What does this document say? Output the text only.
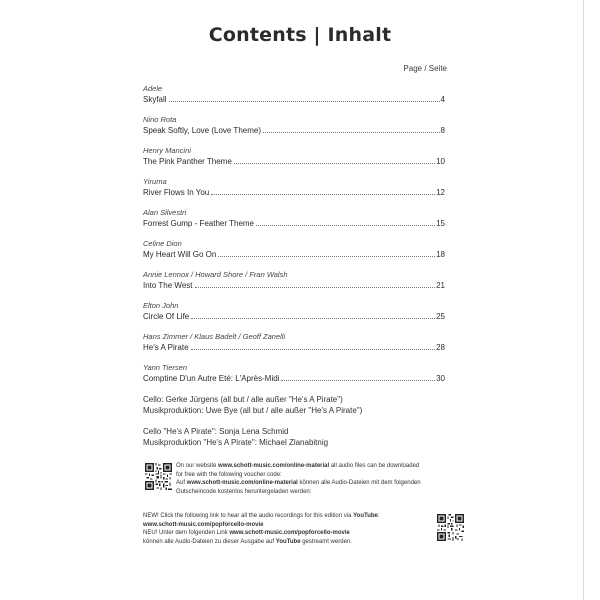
Contents | Inhalt
Page / Seite
Adele
Skyfall	4
Nino Rota
Speak Softly, Love (Love Theme)	8
Henry Mancini
The Pink Panther Theme	10
Yiruma
River Flows In You	12
Alan Silvestri
Forrest Gump - Feather Theme	15
Celine Dion
My Heart Will Go On	18
Annie Lennox / Howard Shore / Fran Walsh
Into The West	21
Elton John
Circle Of Life	25
Hans Zimmer / Klaus Badelt / Geoff Zanelli
He's A Pirate	28
Yann Tiersen
Comptine D'un Autre Eté: L'Après-Midi	30
Cello: Gerke Jürgens (all but / alle außer "He's A Pirate")
Musikproduktion: Uwe Bye (all but / alle außer "He's A Pirate")
Cello "He's A Pirate": Sonja Lena Schmid
Musikproduktion "He's A Pirate": Michael Zlanabitnig
On our website www.schott-music.com/online-material all audio files can be downloaded
for free with the following voucher code:
Auf www.schott-music.com/online-material können alle Audio-Dateien mit dem folgenden
Gutscheincode kostenlos heruntergeladen werden:
NEW! Click the following link to hear all the audio recordings for this edition via YouTube:
www.schott-music.com/popforcello-movie
NEU! Unter dem folgenden Link www.schott-music.com/popforcello-movie
können alle Audio-Dateien zu dieser Ausgabe auf YouTube gestreamt werden.
